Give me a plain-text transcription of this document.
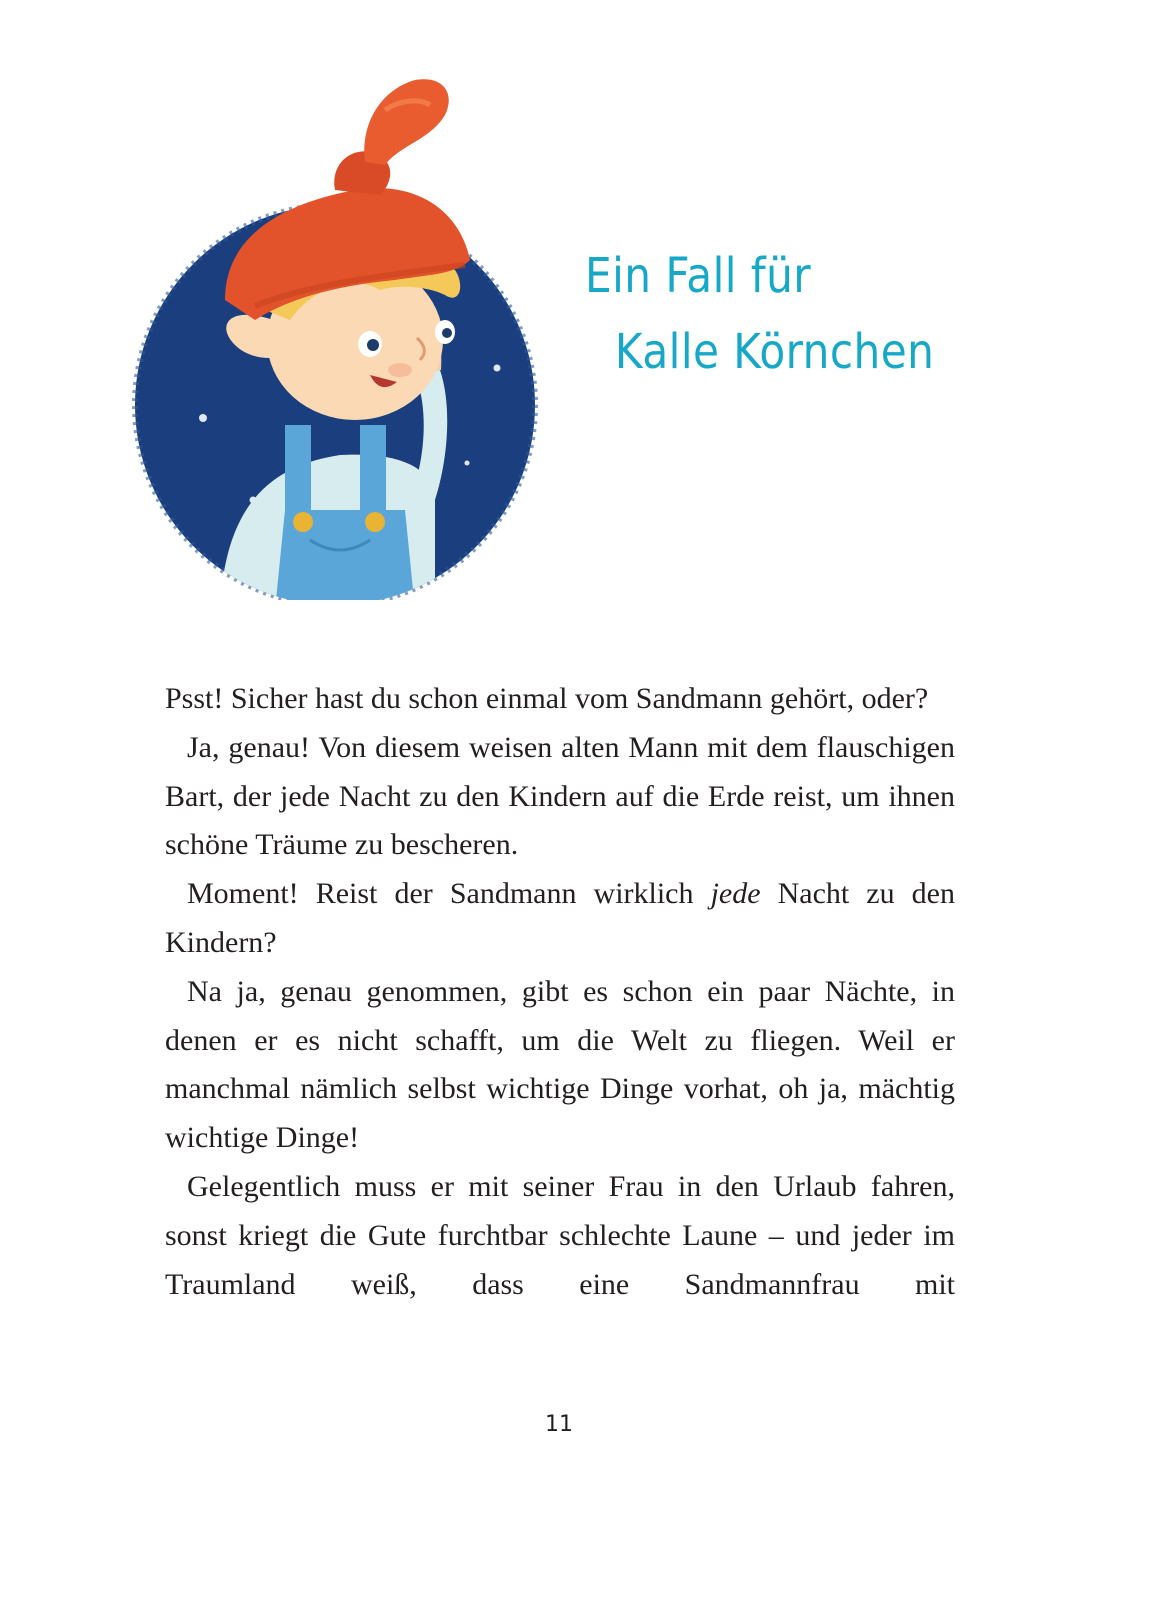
Ein Fall für
Kalle Körnchen

Psst! Sicher hast du schon einmal vom Sandmann gehört, oder?

Ja, genau! Von diesem weisen alten Mann mit dem flauschigen Bart, der jede Nacht zu den Kindern auf die Erde reist, um ihnen schöne Träume zu bescheren.

Moment! Reist der Sandmann wirklich jede Nacht zu den Kindern?

Na ja, genau genommen, gibt es schon ein paar Nächte, in denen er es nicht schafft, um die Welt zu fliegen. Weil er manchmal nämlich selbst wichtige Dinge vorhat, oh ja, mächtig wichtige Dinge!

Gelegentlich muss er mit seiner Frau in den Urlaub fahren, sonst kriegt die Gute furchtbar schlechte Laune – und jeder im Traumland weiß, dass eine Sandmannfrau mit

11
